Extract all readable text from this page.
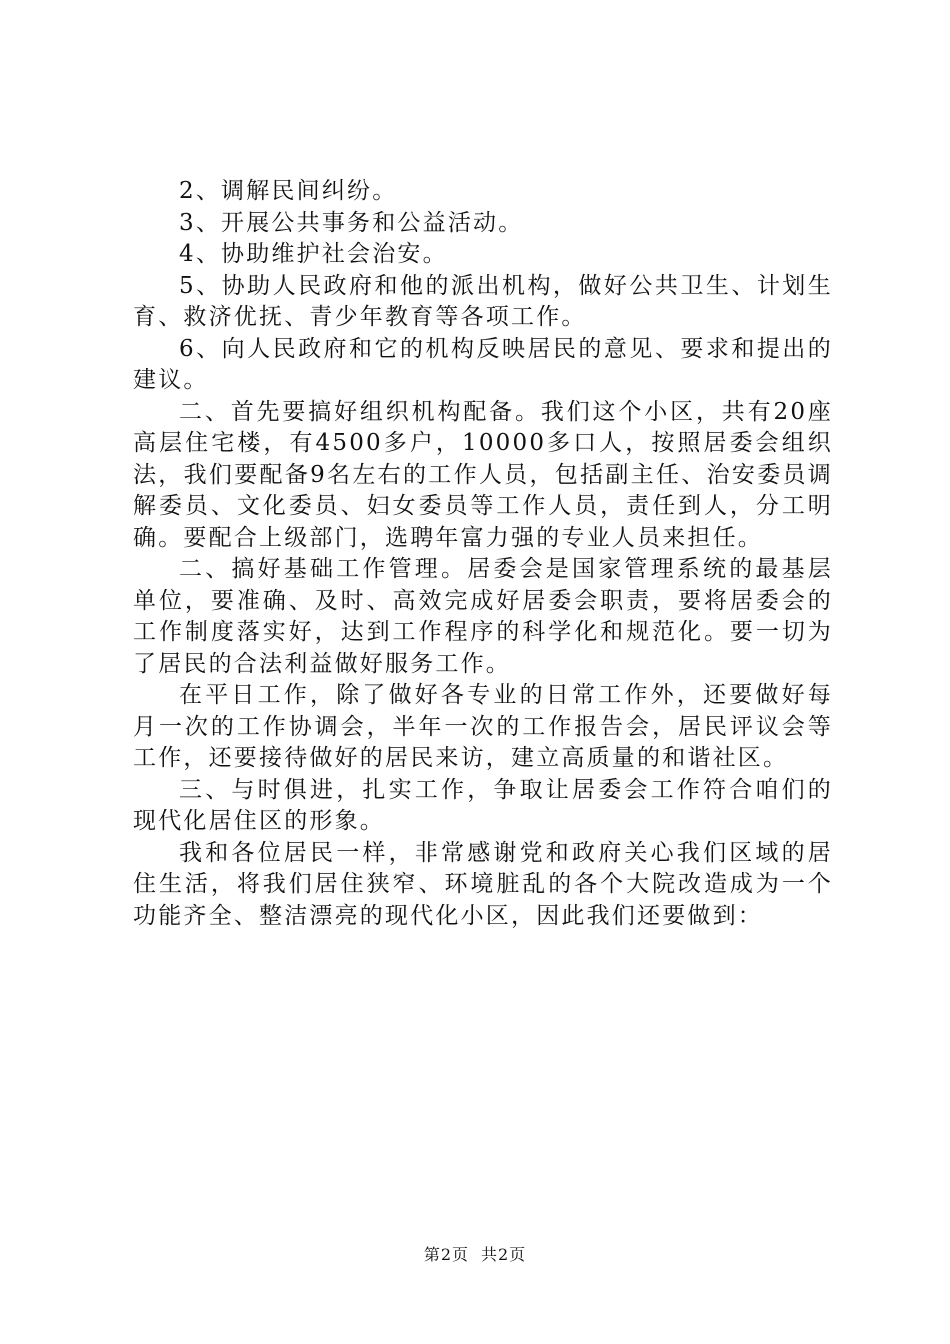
2、调解民间纠纷。

3、开展公共事务和公益活动。

4、协助维护社会治安。

5、协助人民政府和他的派出机构，做好公共卫生、计划生育、救济优抚、青少年教育等各项工作。

6、向人民政府和它的机构反映居民的意见、要求和提出的建议。

二、首先要搞好组织机构配备。我们这个小区，共有20座高层住宅楼，有4500多户，10000多口人，按照居委会组织法，我们要配备9名左右的工作人员，包括副主任、治安委员调解委员、文化委员、妇女委员等工作人员，责任到人，分工明确。要配合上级部门，选聘年富力强的专业人员来担任。

二、搞好基础工作管理。居委会是国家管理系统的最基层单位，要准确、及时、高效完成好居委会职责，要将居委会的工作制度落实好，达到工作程序的科学化和规范化。要一切为了居民的合法利益做好服务工作。

在平日工作，除了做好各专业的日常工作外，还要做好每月一次的工作协调会，半年一次的工作报告会，居民评议会等工作，还要接待做好的居民来访，建立高质量的和谐社区。

三、与时俱进，扎实工作，争取让居委会工作符合咱们的现代化居住区的形象。

我和各位居民一样，非常感谢党和政府关心我们区域的居住生活，将我们居住狭窄、环境脏乱的各个大院改造成为一个功能齐全、整洁漂亮的现代化小区，因此我们还要做到：

第2页 共2页
